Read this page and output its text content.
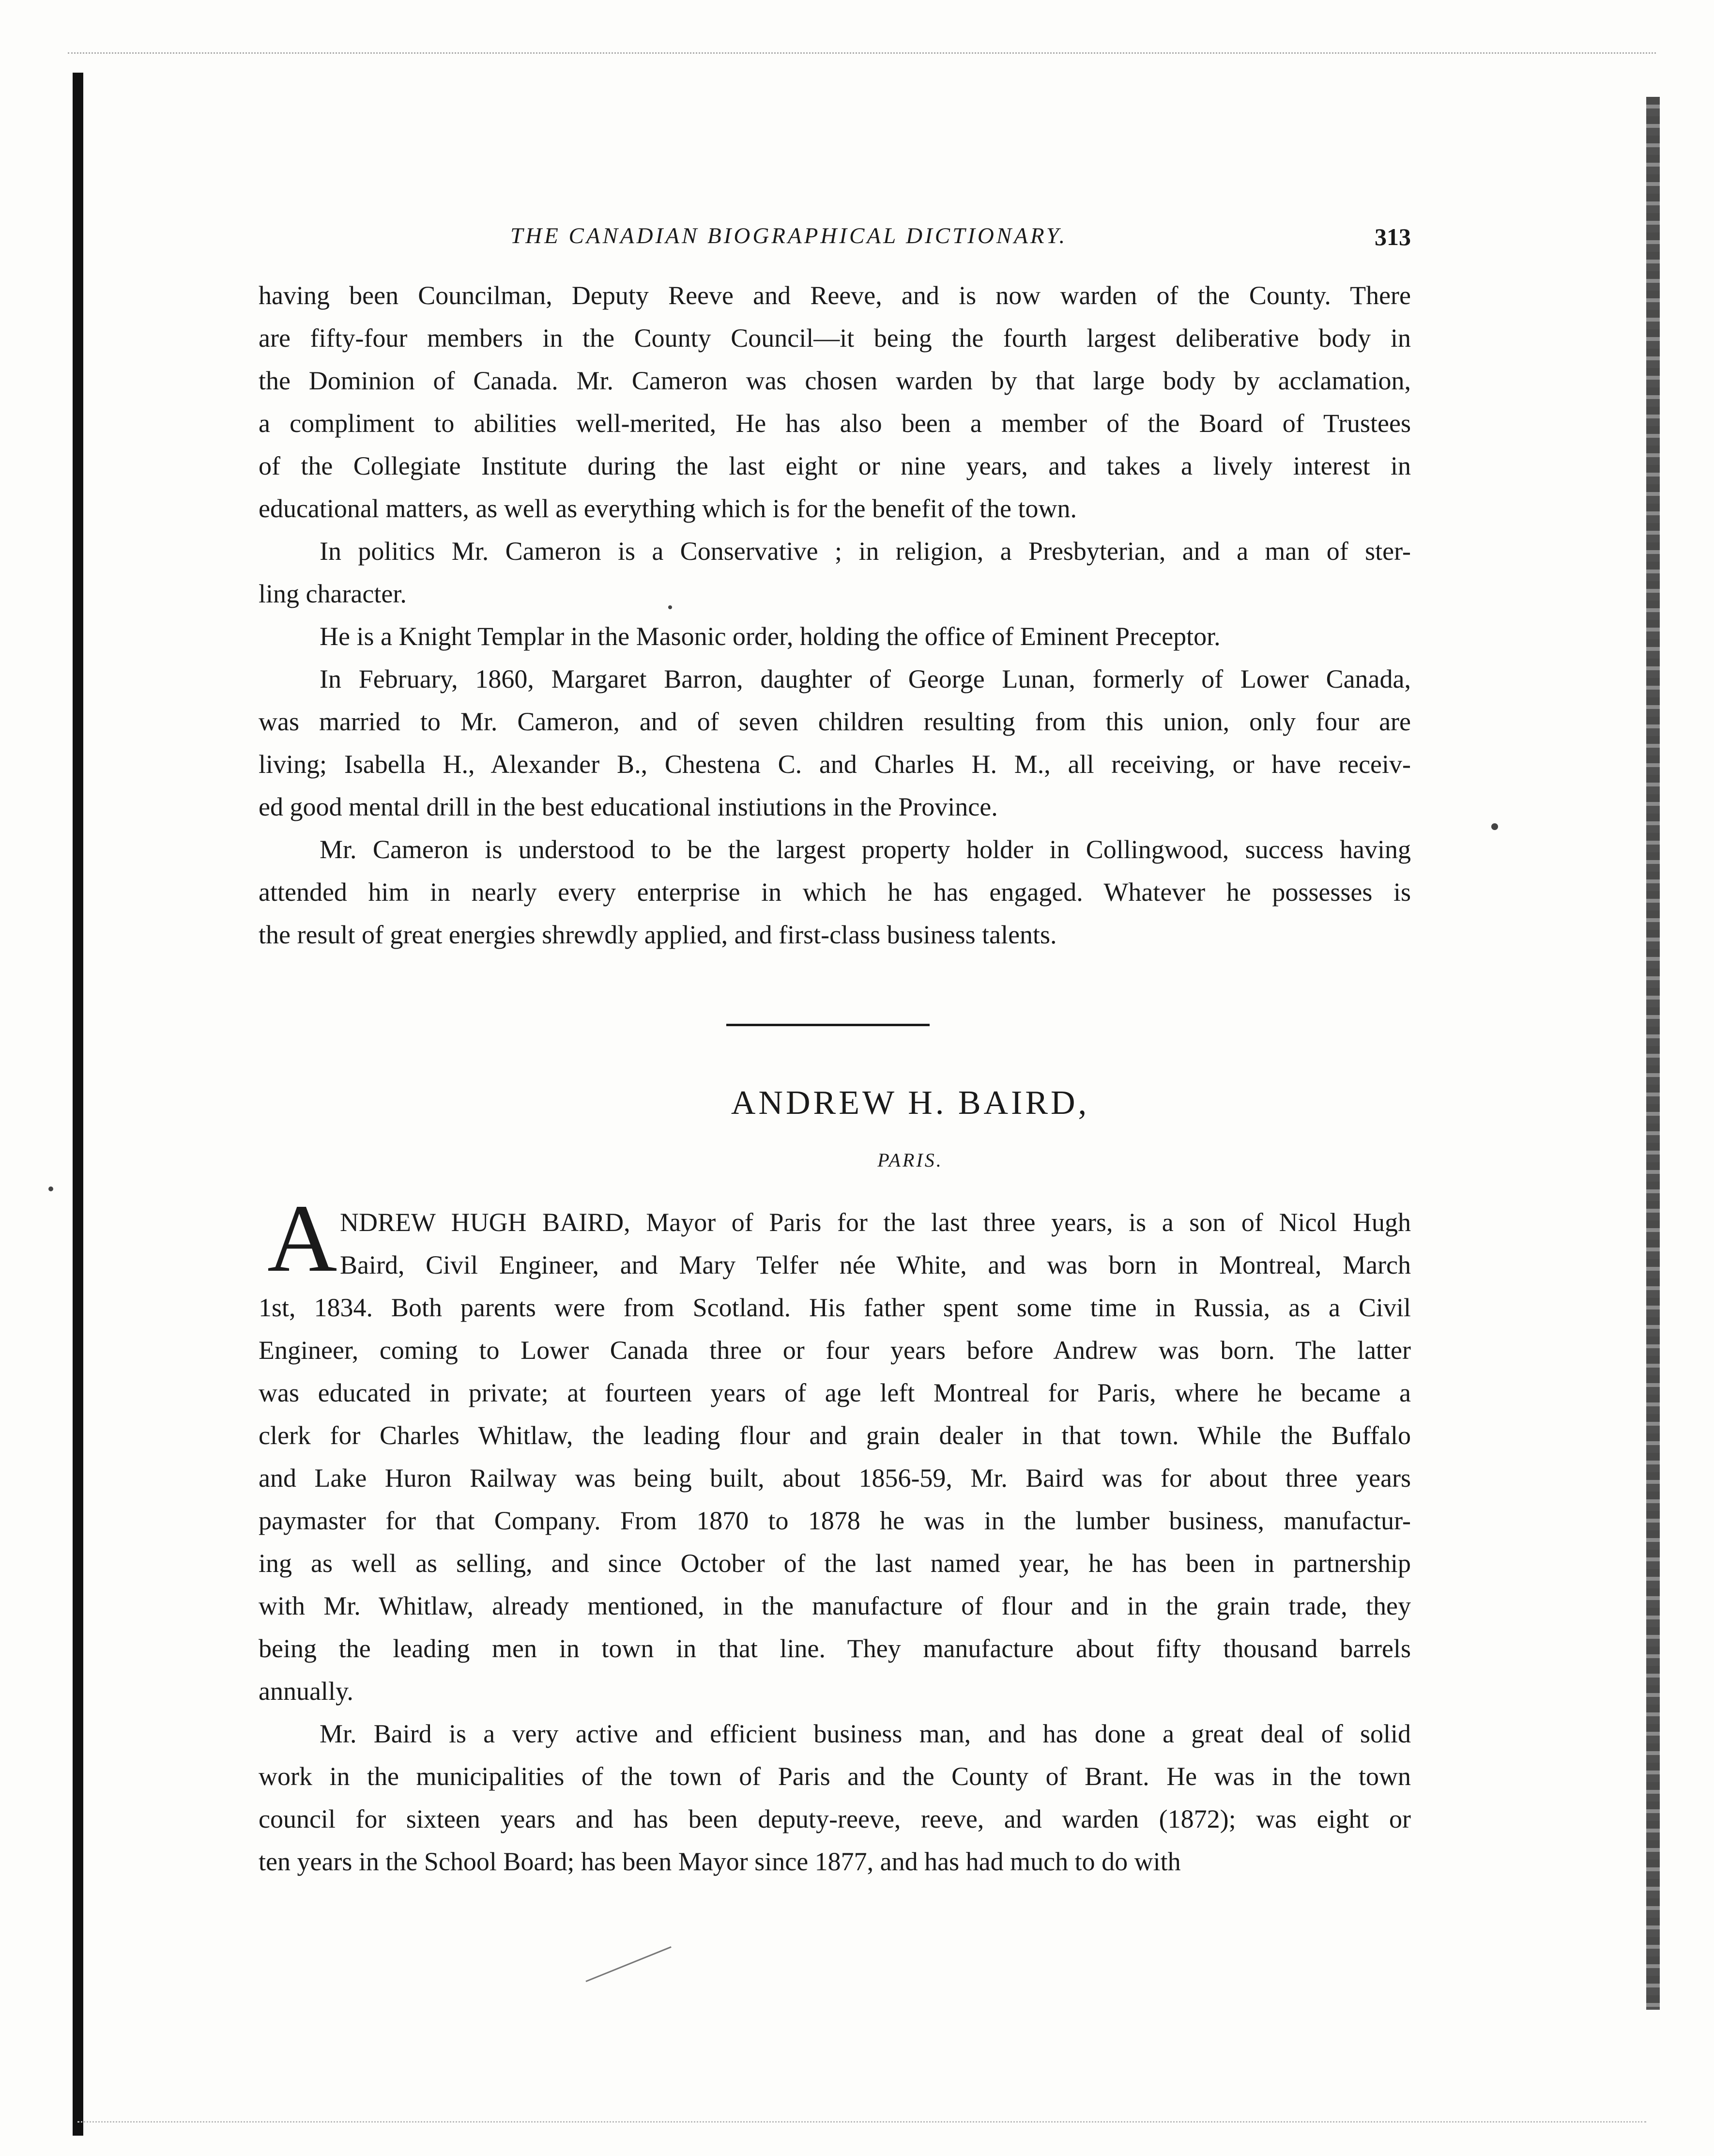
THE CANADIAN BIOGRAPHICAL DICTIONARY.	313
having been Councilman, Deputy Reeve and Reeve, and is now warden of the County. There
are fifty-four members in the County Council—it being the fourth largest deliberative body in
the Dominion of Canada. Mr. Cameron was chosen warden by that large body by acclamation,
a compliment to abilities well-merited, He has also been a member of the Board of Trustees
of the Collegiate Institute during the last eight or nine years, and takes a lively interest in
educational matters, as well as everything which is for the benefit of the town.
In politics Mr. Cameron is a Conservative ; in religion, a Presbyterian, and a man of ster-
ling character.
He is a Knight Templar in the Masonic order, holding the office of Eminent Preceptor.
In February, 1860, Margaret Barron, daughter of George Lunan, formerly of Lower Canada,
was married to Mr. Cameron, and of seven children resulting from this union, only four are
living; Isabella H., Alexander B., Chestena C. and Charles H. M., all receiving, or have receiv-
ed good mental drill in the best educational instiutions in the Province.
Mr. Cameron is understood to be the largest property holder in Collingwood, success having
attended him in nearly every enterprise in which he has engaged. Whatever he possesses is
the result of great energies shrewdly applied, and first-class business talents.
ANDREW H. BAIRD,
PARIS.
A NDREW HUGH BAIRD, Mayor of Paris for the last three years, is a son of Nicol Hugh
Baird, Civil Engineer, and Mary Telfer née White, and was born in Montreal, March
1st, 1834. Both parents were from Scotland. His father spent some time in Russia, as a Civil
Engineer, coming to Lower Canada three or four years before Andrew was born. The latter
was educated in private; at fourteen years of age left Montreal for Paris, where he became a
clerk for Charles Whitlaw, the leading flour and grain dealer in that town. While the Buffalo
and Lake Huron Railway was being built, about 1856-59, Mr. Baird was for about three years
paymaster for that Company. From 1870 to 1878 he was in the lumber business, manufactur-
ing as well as selling, and since October of the last named year, he has been in partnership
with Mr. Whitlaw, already mentioned, in the manufacture of flour and in the grain trade, they
being the leading men in town in that line. They manufacture about fifty thousand barrels
annually.
Mr. Baird is a very active and efficient business man, and has done a great deal of solid
work in the municipalities of the town of Paris and the County of Brant. He was in the town
council for sixteen years and has been deputy-reeve, reeve, and warden (1872); was eight or
ten years in the School Board; has been Mayor since 1877, and has had much to do with
